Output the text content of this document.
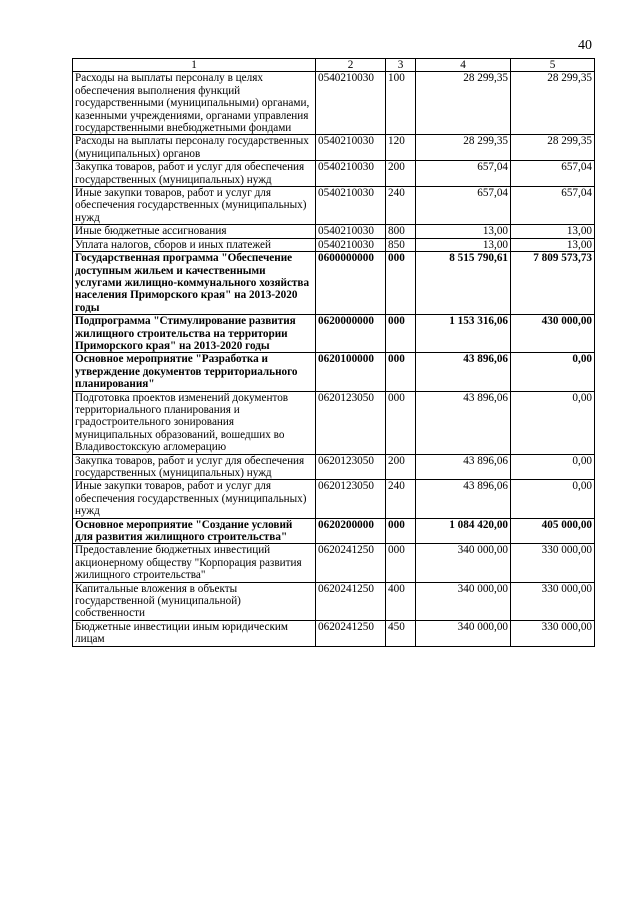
40
1	2	3	4	5
Расходы на выплаты персоналу в целях обеспечения выполнения функций государственными (муниципальными) органами, казенными учреждениями, органами управления государственными внебюджетными фондами	0540210030	100	28 299,35	28 299,35
Расходы на выплаты персоналу государственных (муниципальных) органов	0540210030	120	28 299,35	28 299,35
Закупка товаров, работ и услуг для обеспечения государственных (муниципальных) нужд	0540210030	200	657,04	657,04
Иные закупки товаров, работ и услуг для обеспечения государственных (муниципальных) нужд	0540210030	240	657,04	657,04
Иные бюджетные ассигнования	0540210030	800	13,00	13,00
Уплата налогов, сборов и иных платежей	0540210030	850	13,00	13,00
Государственная программа "Обеспечение доступным жильем и качественными услугами жилищно-коммунального хозяйства населения Приморского края" на 2013-2020 годы	0600000000	000	8 515 790,61	7 809 573,73
Подпрограмма "Стимулирование развития жилищного строительства на территории Приморского края" на 2013-2020 годы	0620000000	000	1 153 316,06	430 000,00
Основное мероприятие "Разработка и утверждение документов территориального планирования"	0620100000	000	43 896,06	0,00
Подготовка проектов изменений документов территориального планирования и градостроительного зонирования муниципальных образований, вошедших во Владивостокскую агломерацию	0620123050	000	43 896,06	0,00
Закупка товаров, работ и услуг для обеспечения государственных (муниципальных) нужд	0620123050	200	43 896,06	0,00
Иные закупки товаров, работ и услуг для обеспечения государственных (муниципальных) нужд	0620123050	240	43 896,06	0,00
Основное мероприятие "Создание условий для развития жилищного строительства"	0620200000	000	1 084 420,00	405 000,00
Предоставление бюджетных инвестиций акционерному обществу "Корпорация развития жилищного строительства"	0620241250	000	340 000,00	330 000,00
Капитальные вложения в объекты государственной (муниципальной) собственности	0620241250	400	340 000,00	330 000,00
Бюджетные инвестиции иным юридическим лицам	0620241250	450	340 000,00	330 000,00
